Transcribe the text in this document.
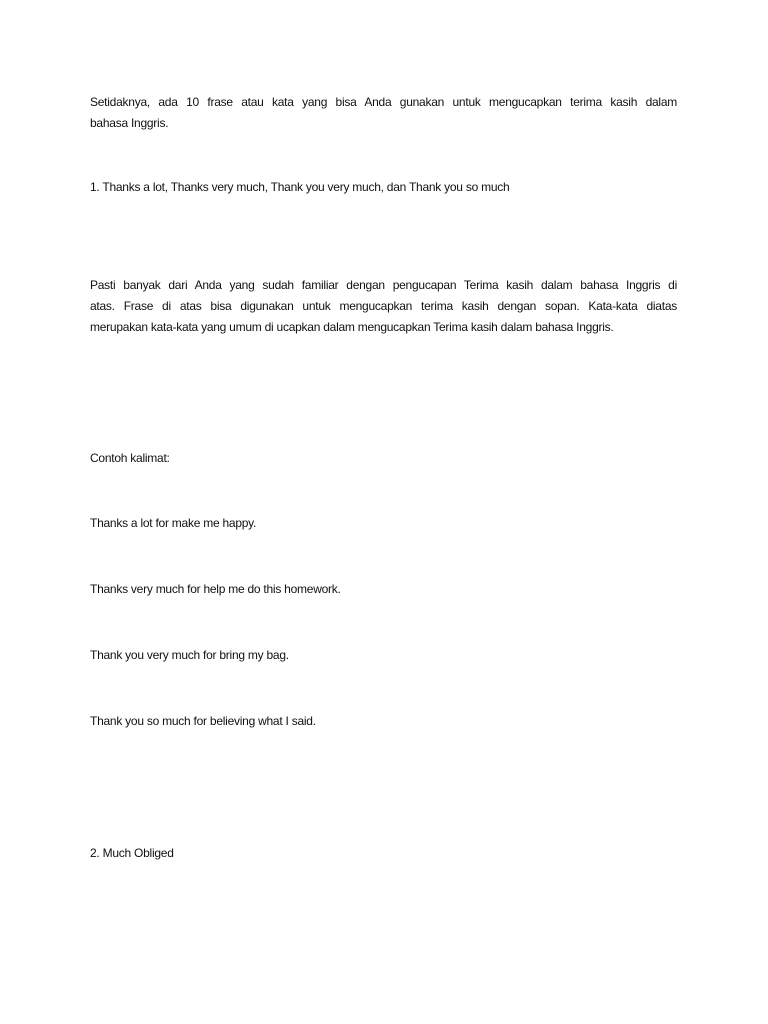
Setidaknya, ada 10 frase atau kata yang bisa Anda gunakan untuk mengucapkan terima kasih dalam
bahasa Inggris.

1. Thanks a lot, Thanks very much, Thank you very much, dan Thank you so much

Pasti banyak dari Anda yang sudah familiar dengan pengucapan Terima kasih dalam bahasa Inggris di
atas. Frase di atas bisa digunakan untuk mengucapkan terima kasih dengan sopan. Kata-kata diatas
merupakan kata-kata yang umum di ucapkan dalam mengucapkan Terima kasih dalam bahasa Inggris.

Contoh kalimat:

Thanks a lot for make me happy.

Thanks very much for help me do this homework.

Thank you very much for bring my bag.

Thank you so much for believing what I said.

2. Much Obliged
